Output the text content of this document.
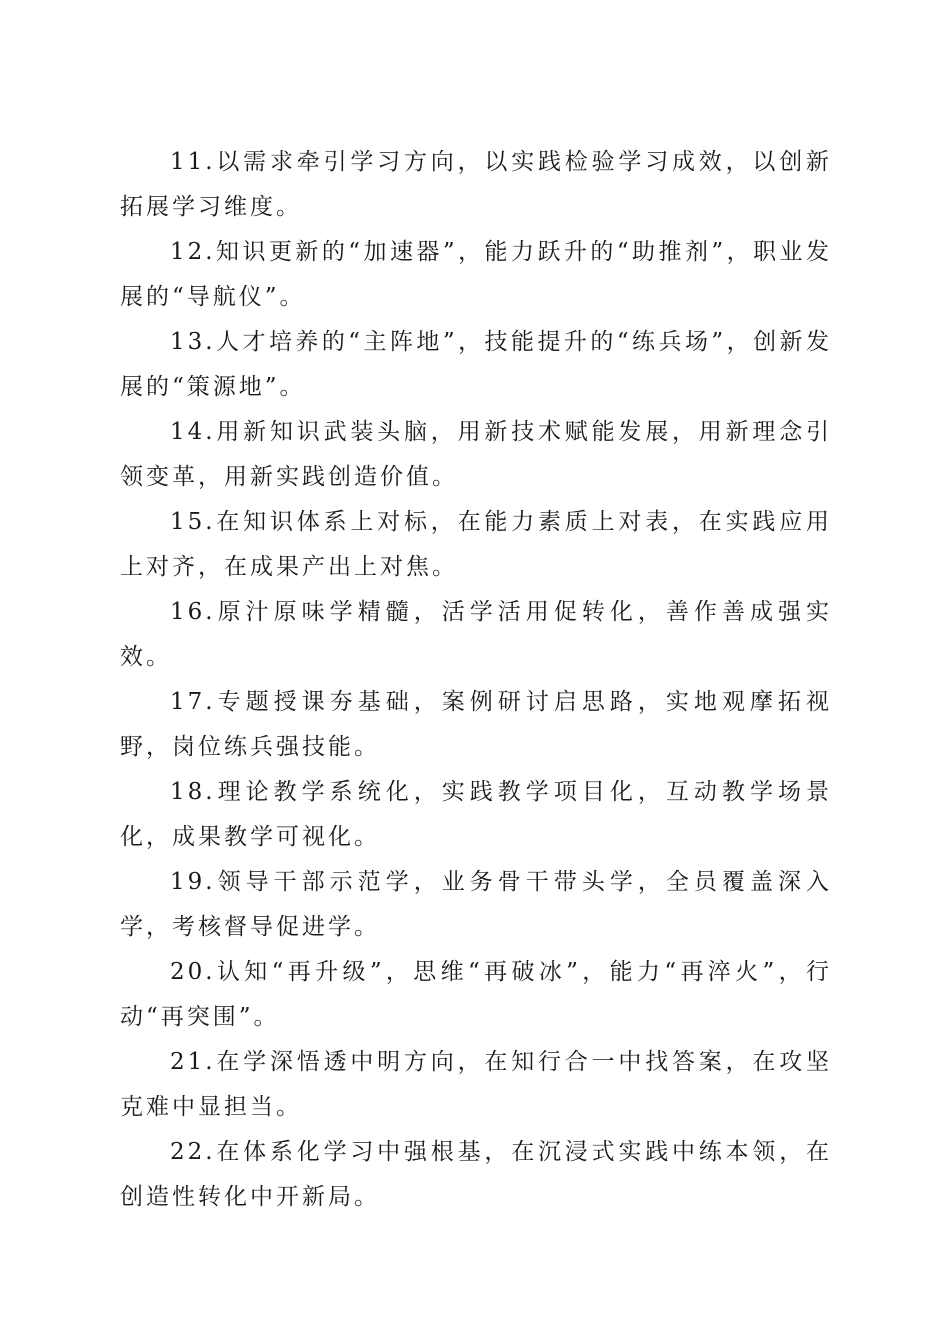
11.以需求牵引学习方向，以实践检验学习成效，以创新拓展学习维度。

12.知识更新的“加速器”，能力跃升的“助推剂”，职业发展的“导航仪”。

13.人才培养的“主阵地”，技能提升的“练兵场”，创新发展的“策源地”。

14.用新知识武装头脑，用新技术赋能发展，用新理念引领变革，用新实践创造价值。

15.在知识体系上对标，在能力素质上对表，在实践应用上对齐，在成果产出上对焦。

16.原汁原味学精髓，活学活用促转化，善作善成强实效。

17.专题授课夯基础，案例研讨启思路，实地观摩拓视野，岗位练兵强技能。

18.理论教学系统化，实践教学项目化，互动教学场景化，成果教学可视化。

19.领导干部示范学，业务骨干带头学，全员覆盖深入学，考核督导促进学。

20.认知“再升级”，思维“再破冰”，能力“再淬火”，行动“再突围”。

21.在学深悟透中明方向，在知行合一中找答案，在攻坚克难中显担当。

22.在体系化学习中强根基，在沉浸式实践中练本领，在创造性转化中开新局。
